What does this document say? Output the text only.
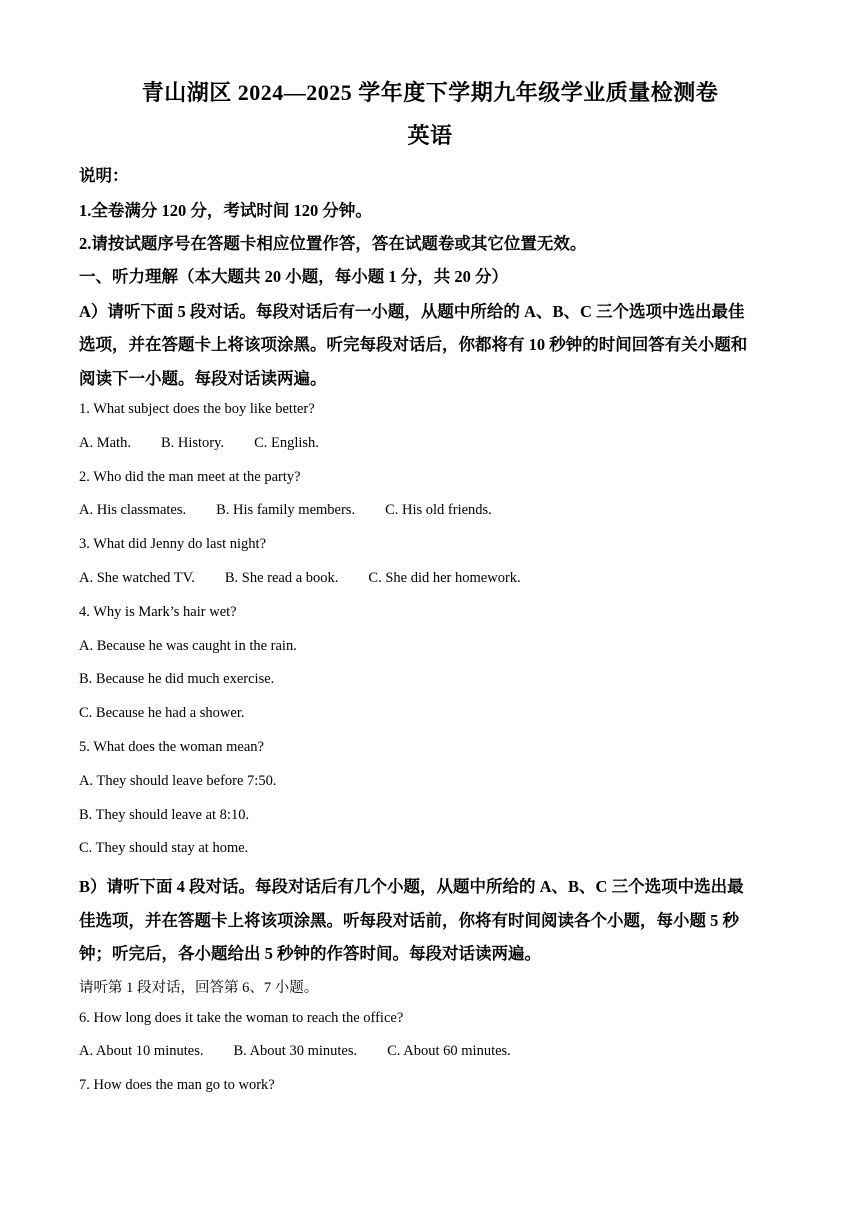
青山湖区 2024—2025 学年度下学期九年级学业质量检测卷
英语
说明：
1.全卷满分 120 分，考试时间 120 分钟。
2.请按试题序号在答题卡相应位置作答，答在试题卷或其它位置无效。
一、听力理解（本大题共 20 小题，每小题 1 分，共 20 分）
A）请听下面 5 段对话。每段对话后有一小题，从题中所给的 A、B、C 三个选项中选出最佳
选项，并在答题卡上将该项涂黑。听完每段对话后，你都将有 10 秒钟的时间回答有关小题和
阅读下一小题。每段对话读两遍。
1. What subject does the boy like better?
A. Math. B. History. C. English.
2. Who did the man meet at the party?
A. His classmates. B. His family members. C. His old friends.
3. What did Jenny do last night?
A. She watched TV. B. She read a book. C. She did her homework.
4. Why is Mark’s hair wet?
A. Because he was caught in the rain.
B. Because he did much exercise.
C. Because he had a shower.
5. What does the woman mean?
A. They should leave before 7:50.
B. They should leave at 8:10.
C. They should stay at home.
B）请听下面 4 段对话。每段对话后有几个小题，从题中所给的 A、B、C 三个选项中选出最
佳选项，并在答题卡上将该项涂黑。听每段对话前，你将有时间阅读各个小题，每小题 5 秒
钟；听完后，各小题给出 5 秒钟的作答时间。每段对话读两遍。
请听第 1 段对话，回答第 6、7 小题。
6. How long does it take the woman to reach the office?
A. About 10 minutes. B. About 30 minutes. C. About 60 minutes.
7. How does the man go to work?
